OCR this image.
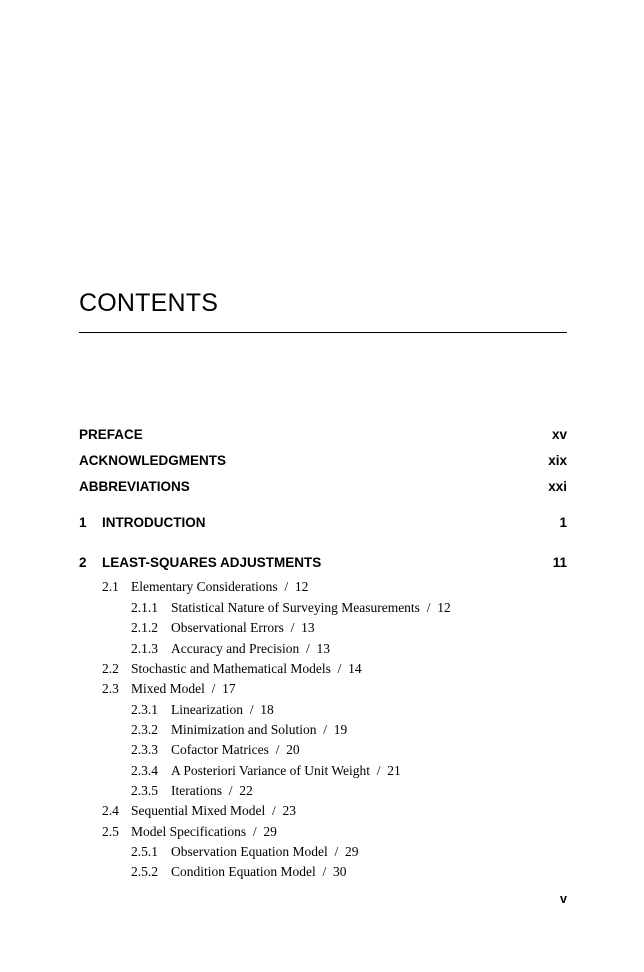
CONTENTS
PREFACE	xv
ACKNOWLEDGMENTS	xix
ABBREVIATIONS	xxi
1 INTRODUCTION	1
2 LEAST-SQUARES ADJUSTMENTS	11
2.1 Elementary Considerations / 12
2.1.1 Statistical Nature of Surveying Measurements / 12
2.1.2 Observational Errors / 13
2.1.3 Accuracy and Precision / 13
2.2 Stochastic and Mathematical Models / 14
2.3 Mixed Model / 17
2.3.1 Linearization / 18
2.3.2 Minimization and Solution / 19
2.3.3 Cofactor Matrices / 20
2.3.4 A Posteriori Variance of Unit Weight / 21
2.3.5 Iterations / 22
2.4 Sequential Mixed Model / 23
2.5 Model Specifications / 29
2.5.1 Observation Equation Model / 29
2.5.2 Condition Equation Model / 30
v
